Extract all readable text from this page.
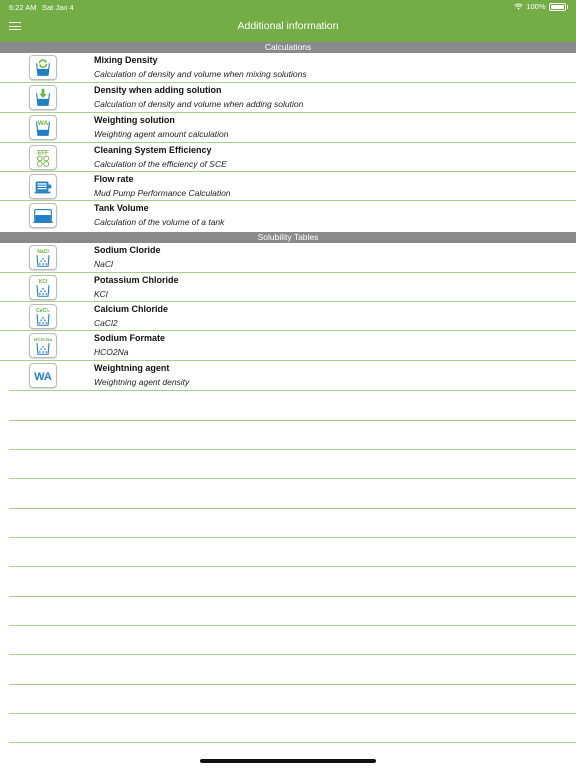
6:22 AM Sat Jan 4	100%
Additional information
Calculations
Mixing Density
Calculation of density and volume when mixing solutions
Density when adding solution
Calculation of density and volume when adding solution
WA	Weighting solution
Weighting agent amount calculation
EFF	Cleaning System Efficiency
Calculation of the efficiency of SCE
Flow rate
Mud Pump Performance Calculation
Tank Volume
Calculation of the volume of a tank
Solubility Tables
NaCl	Sodium Cloride
NaCl
KCl	Potassium Chloride
KCl
CaCl₂	Calcium Chloride
CaCl2
HCO₂Na	Sodium Formate
HCO2Na
WA
Weightning agent
Weightning agent density
